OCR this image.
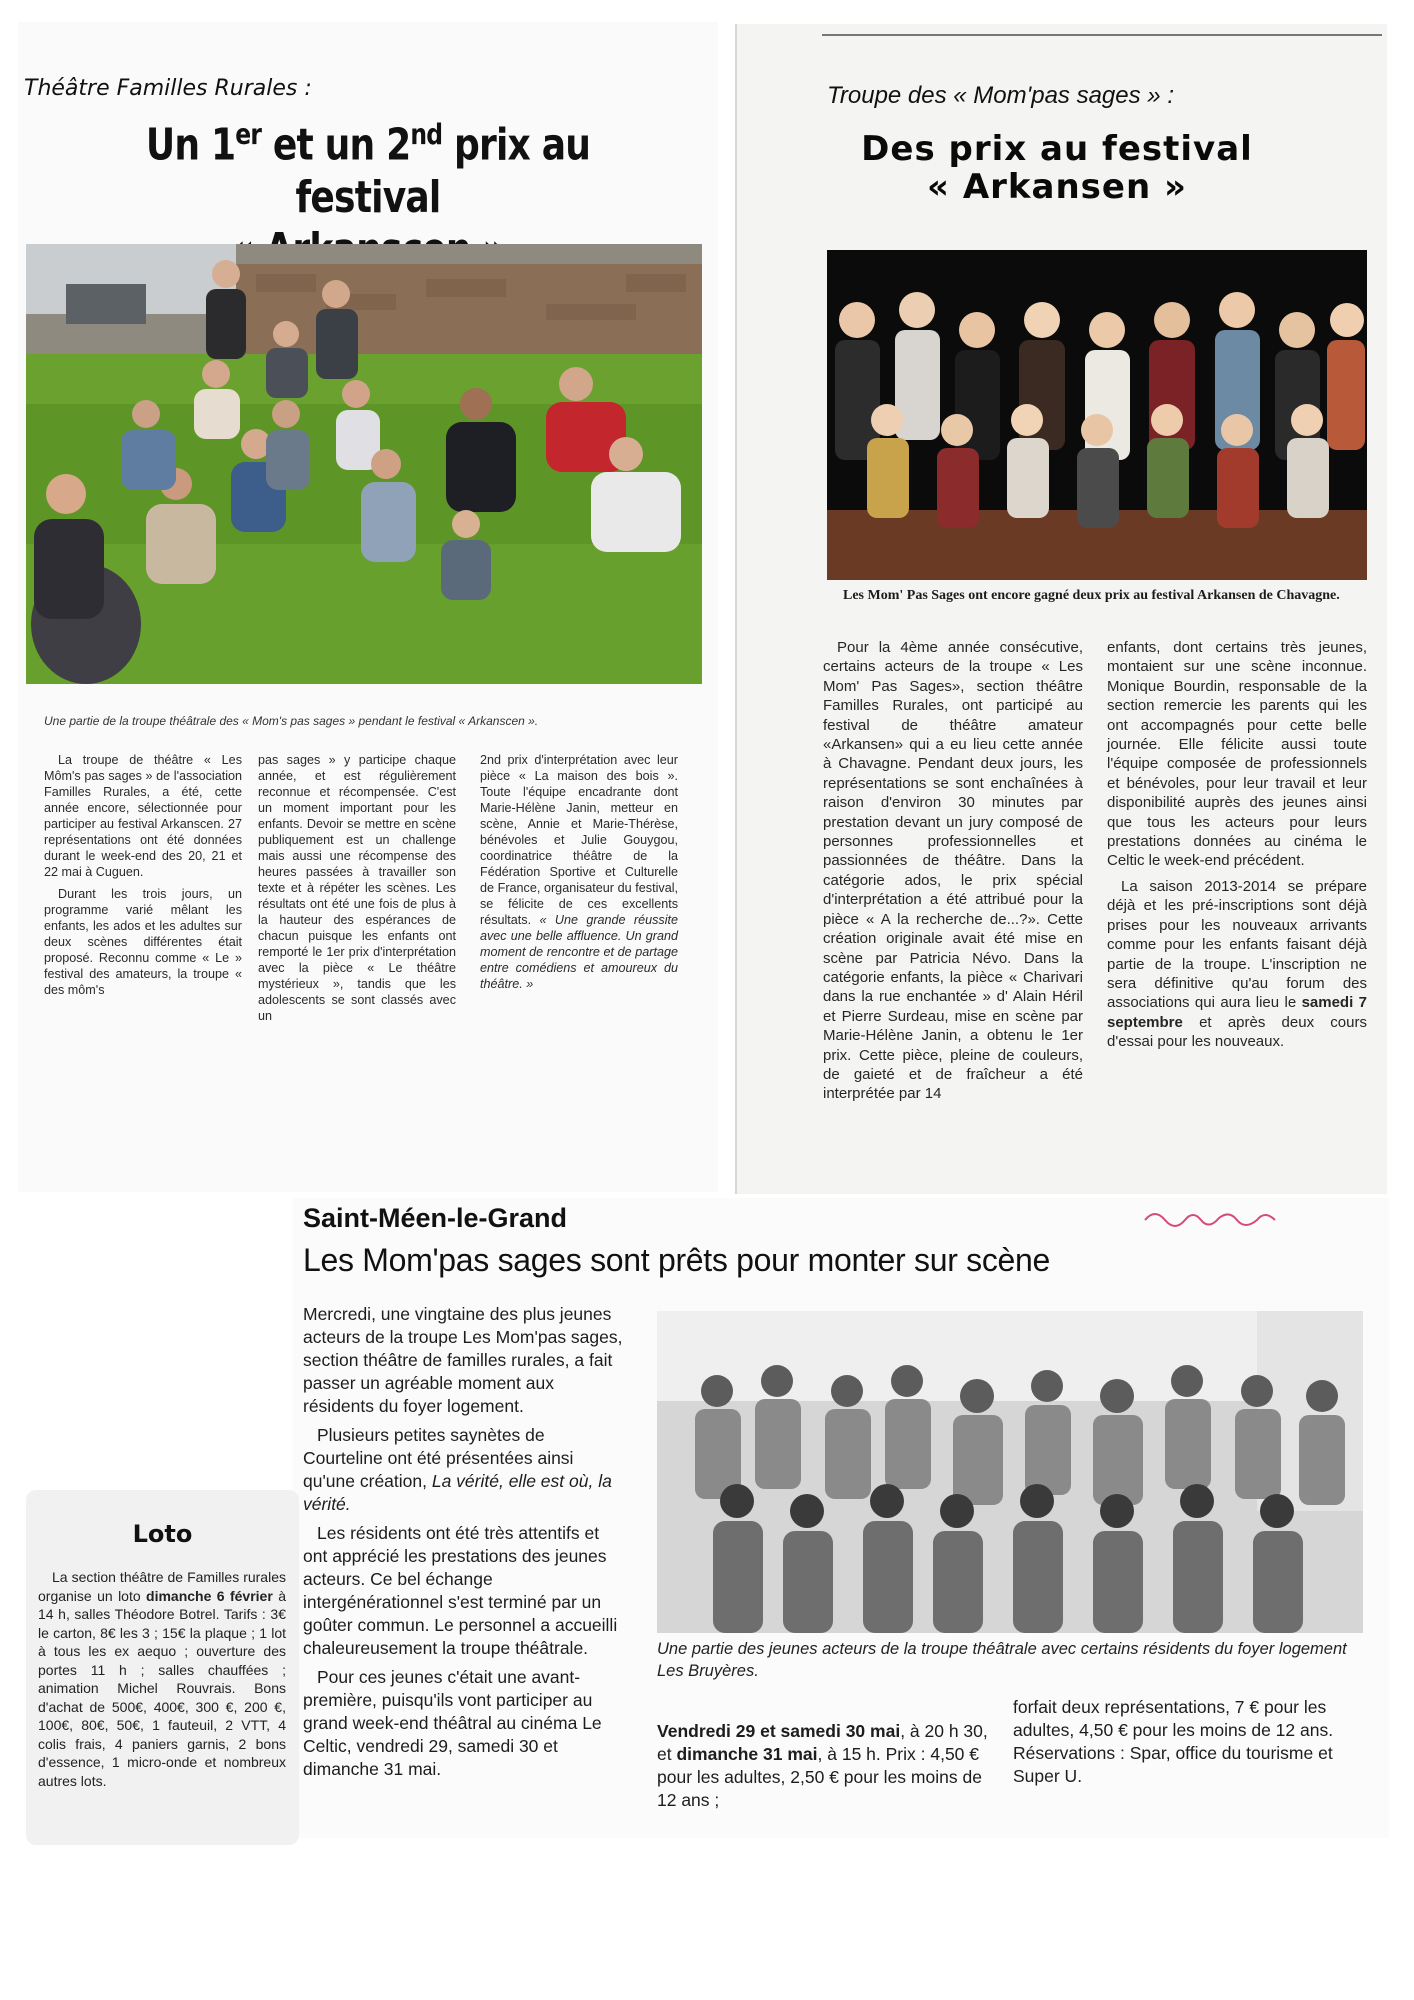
Théâtre Familles Rurales :
Un 1er et un 2nd prix au festival

Une partie de la troupe théâtrale des « Mom's pas sages » pendant le festival « Arkanscen ».

La troupe de théâtre « Les Môm's pas sages » de l'association Familles Rurales, a été, cette année encore, sélectionnée pour participer au festival Arkanscen. 27 représentations ont été données durant le week-end des 20, 21 et 22 mai à Cuguen.

Durant les trois jours, un programme varié mêlant les enfants, les ados et les adultes sur deux scènes différentes était proposé. Reconnu comme « Le » festival des amateurs, la troupe « des môm's

pas sages » y participe chaque année, et est régulièrement reconnue et récompensée. C'est un moment important pour les enfants. Devoir se mettre en scène publiquement est un challenge mais aussi une récompense des heures passées à travailler son texte et à répéter les scènes. Les résultats ont été une fois de plus à la hauteur des espérances de chacun puisque les enfants ont remporté le 1er prix d'interprétation avec la pièce « Le théâtre mystérieux », tandis que les adolescents se sont classés avec un

2nd prix d'interprétation avec leur pièce « La maison des bois ». Toute l'équipe encadrante dont Marie-Hélène Janin, metteur en scène, Annie et Marie-Thérèse, bénévoles et Julie Gouygou, coordinatrice théâtre de la Fédération Sportive et Culturelle de France, organisateur du festival, se félicite de ces excellents résultats. « Une grande réussite avec une belle affluence. Un grand moment de rencontre et de partage entre comédiens et amoureux du théâtre. »

Troupe des « Mom'pas sages » :
Des prix au festival
« Arkansen »
Les Mom' Pas Sages ont encore gagné deux prix au festival Arkansen de Chavagne.

Pour la 4ème année consécutive, certains acteurs de la troupe « Les Mom' Pas Sages», section théâtre Familles Rurales, ont participé au festival de théâtre amateur «Arkansen» qui a eu lieu cette année à Chavagne. Pendant deux jours, les représentations se sont enchaînées à raison d'environ 30 minutes par prestation devant un jury composé de personnes professionnelles et passionnées de théâtre. Dans la catégorie ados, le prix spécial d'interprétation a été attribué pour la pièce « A la recherche de...?». Cette création originale avait été mise en scène par Patricia Névo. Dans la catégorie enfants, la pièce « Charivari dans la rue enchantée » d' Alain Héril et Pierre Surdeau, mise en scène par Marie-Hélène Janin, a obtenu le 1er prix. Cette pièce, pleine de couleurs, de gaieté et de fraîcheur a été interprétée par 14

enfants, dont certains très jeunes, montaient sur une scène inconnue. Monique Bourdin, responsable de la section remercie les parents qui les ont accompagnés pour cette belle journée. Elle félicite aussi toute l'équipe composée de professionnels et bénévoles, pour leur travail et leur disponibilité auprès des jeunes ainsi que tous les acteurs pour leurs prestations données au cinéma le Celtic le week-end précédent.

La saison 2013-2014 se prépare déjà et les pré-inscriptions sont déjà prises pour les nouveaux arrivants comme pour les enfants faisant déjà partie de la troupe. L'inscription ne sera définitive qu'au forum des associations qui aura lieu le samedi 7 septembre et après deux cours d'essai pour les nouveaux.

Saint-Méen-le-Grand
Les Mom'pas sages sont prêts pour monter sur scène

Mercredi, une vingtaine des plus jeunes acteurs de la troupe Les Mom'pas sages, section théâtre de familles rurales, a fait passer un agréable moment aux résidents du foyer logement.

Plusieurs petites saynètes de Courteline ont été présentées ainsi qu'une création, La vérité, elle est où, la vérité.

Les résidents ont été très attentifs et ont apprécié les prestations des jeunes acteurs. Ce bel échange intergénérationnel s'est terminé par un goûter commun. Le personnel a accueilli chaleureusement la troupe théâtrale.

Pour ces jeunes c'était une avant-première, puisqu'ils vont participer au grand week-end théâtral au cinéma Le Celtic, vendredi 29, samedi 30 et dimanche 31 mai.

Une partie des jeunes acteurs de la troupe théâtrale avec certains résidents du foyer logement Les Bruyères.
Vendredi 29 et samedi 30 mai, à 20 h 30, et dimanche 31 mai, à 15 h. Prix : 4,50 € pour les adultes, 2,50 € pour les moins de 12 ans ;
forfait deux représentations, 7 € pour les adultes, 4,50 € pour les moins de 12 ans. Réservations : Spar, office du tourisme et Super U.
Loto

La section théâtre de Familles rurales organise un loto dimanche 6 février à 14 h, salles Théodore Botrel. Tarifs : 3€ le carton, 8€ les 3 ; 15€ la plaque ; 1 lot à tous les ex aequo ; ouverture des portes 11 h ; salles chauffées ; animation Michel Rouvrais. Bons d'achat de 500€, 400€, 300 €, 200 €, 100€, 80€, 50€, 1 fauteuil, 2 VTT, 4 colis frais, 4 paniers garnis, 2 bons d'essence, 1 micro-onde et nombreux autres lots.
